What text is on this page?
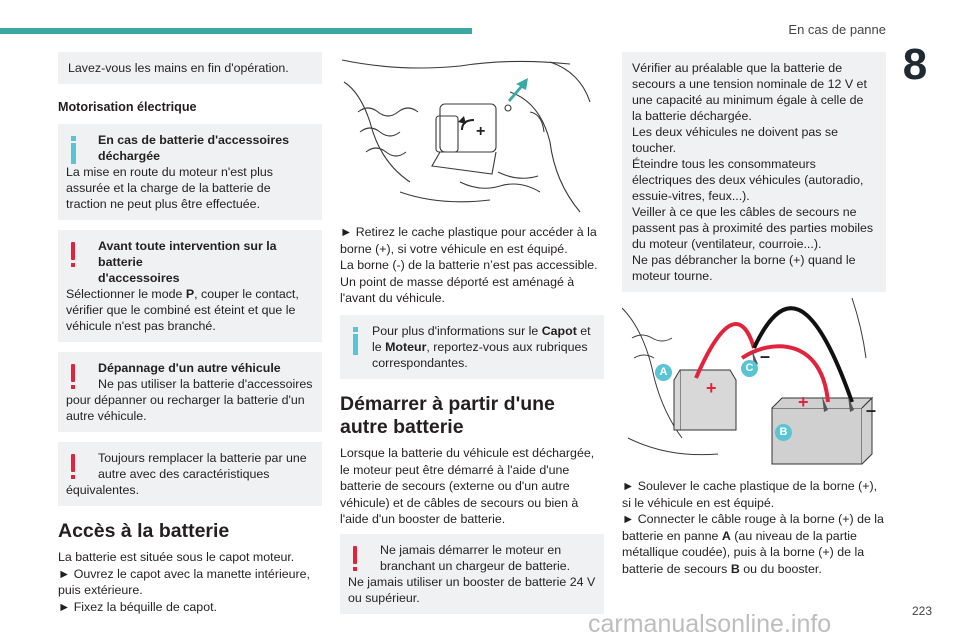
En cas de panne
8
Lavez-vous les mains en fin d'opération.
Motorisation électrique
En cas de batterie d'accessoires
déchargée
La mise en route du moteur n'est plus assurée et la charge de la batterie de traction ne peut plus être effectuée.
Avant toute intervention sur la batterie
d'accessoires
Sélectionner le mode P, couper le contact, vérifier que le combiné est éteint et que le véhicule n'est pas branché.
Dépannage d'un autre véhicule
Ne pas utiliser la batterie d'accessoires
pour dépanner ou recharger la batterie d'un autre véhicule.
Toujours remplacer la batterie par une
autre avec des caractéristiques
équivalentes.
Accès à la batterie
La batterie est située sous le capot moteur.
► Ouvrez le capot avec la manette intérieure, puis extérieure.
► Fixez la béquille de capot.
+
► Retirez le cache plastique pour accéder à la borne (+), si votre véhicule en est équipé.
La borne (-) de la batterie n’est pas accessible.
Un point de masse déporté est aménagé à l'avant du véhicule.
Pour plus d'informations sur le Capot et le Moteur, reportez-vous aux rubriques correspondantes.
Démarrer à partir d'une autre batterie
Lorsque la batterie du véhicule est déchargée, le moteur peut être démarré à l'aide d'une batterie de secours (externe ou d'un autre véhicule) et de câbles de secours ou bien à l'aide d'un booster de batterie.
Ne jamais démarrer le moteur en
branchant un chargeur de batterie.
Ne jamais utiliser un booster de batterie 24 V ou supérieur.
Vérifier au préalable que la batterie de secours a une tension nominale de 12 V et une capacité au minimum égale à celle de la batterie déchargée.
Les deux véhicules ne doivent pas se toucher.
Éteindre tous les consommateurs électriques des deux véhicules (autoradio, essuie-vitres, feux...).
Veiller à ce que les câbles de secours ne passent pas à proximité des parties mobiles du moteur (ventilateur, courroie...).
Ne pas débrancher la borne (+) quand le moteur tourne.
+
–
+	–
A	C
B
► Soulever le cache plastique de la borne (+), si le véhicule en est équipé.
► Connecter le câble rouge à la borne (+) de la batterie en panne A (au niveau de la partie métallique coudée), puis à la borne (+) de la batterie de secours B ou du booster.
carmanualsonline.info	223
